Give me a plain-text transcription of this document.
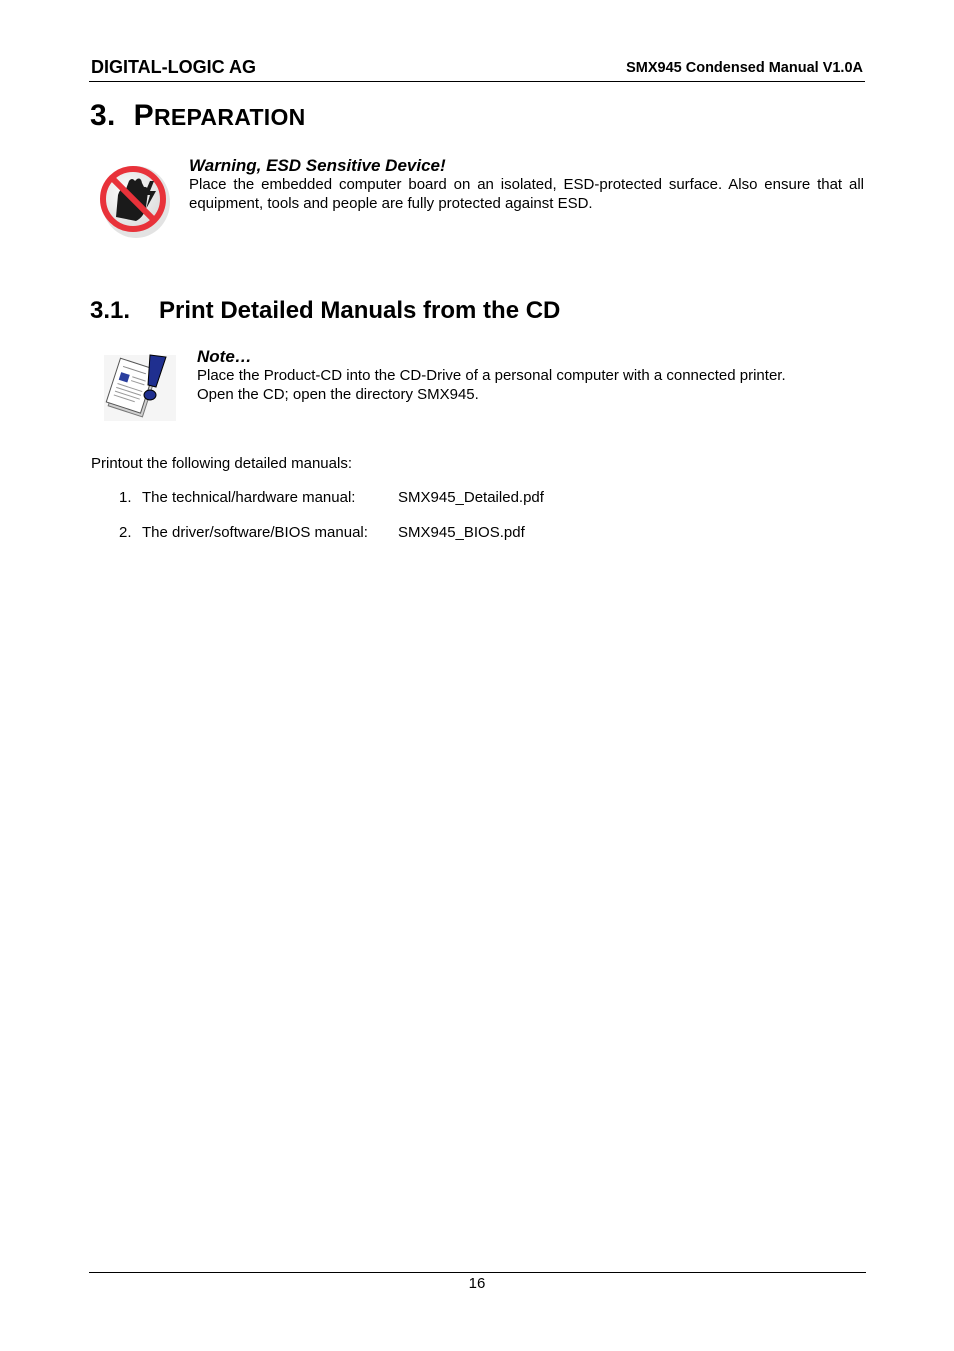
DIGITAL-LOGIC AG	SMX945 Condensed Manual V1.0A
3. PREPARATION
Warning, ESD Sensitive Device!
Place the embedded computer board on an isolated, ESD-protected surface. Also ensure that all equipment, tools and people are fully protected against ESD.
3.1. Print Detailed Manuals from the CD
Note…
Place the Product-CD into the CD-Drive of a personal computer with a connected printer.
Open the CD; open the directory SMX945.
Printout the following detailed manuals:
1. The technical/hardware manual:	SMX945_Detailed.pdf
2. The driver/software/BIOS manual: SMX945_BIOS.pdf
16
